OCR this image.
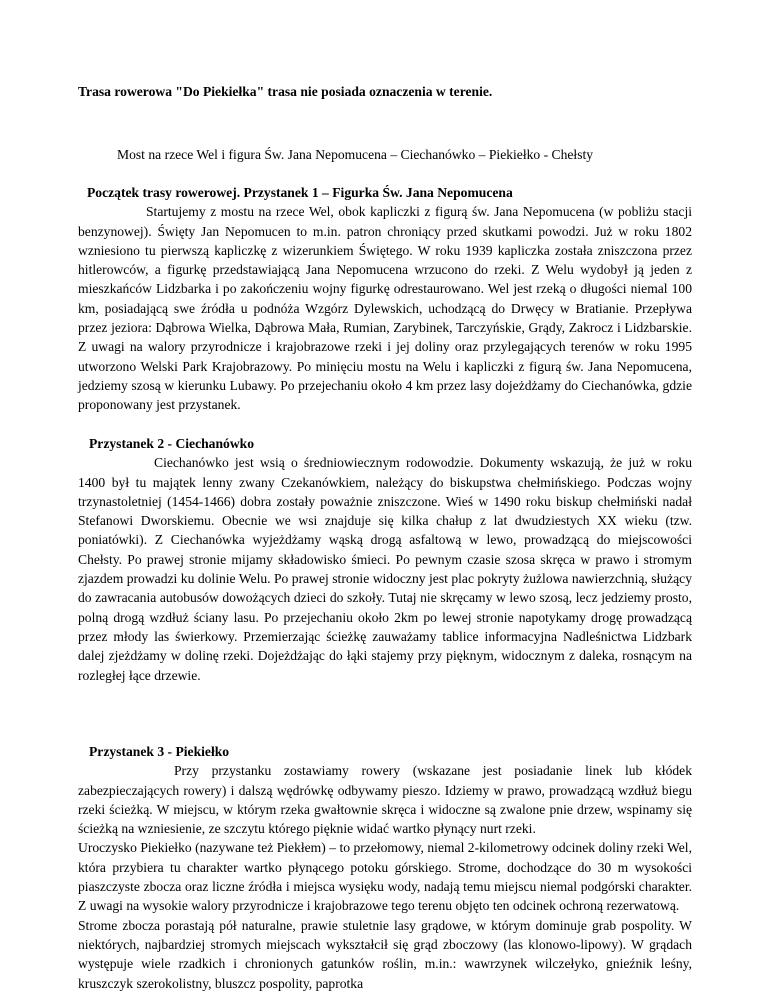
Trasa rowerowa "Do Piekiełka" trasa nie posiada oznaczenia w terenie.
Most na rzece Wel i figura Św. Jana Nepomucena – Ciechanówko – Piekiełko - Chełsty
Początek trasy rowerowej. Przystanek 1 – Figurka Św. Jana Nepomucena

Startujemy z mostu na rzece Wel, obok kapliczki z figurą św. Jana Nepomucena (w pobliżu stacji benzynowej). Święty Jan Nepomucen to m.in. patron chroniący przed skutkami powodzi. Już w roku 1802 wzniesiono tu pierwszą kapliczkę z wizerunkiem Świętego. W roku 1939 kapliczka została zniszczona przez hitlerowców, a figurkę przedstawiającą Jana Nepomucena wrzucono do rzeki. Z Welu wydobył ją jeden z mieszkańców Lidzbarka i po zakończeniu wojny figurkę odrestaurowano. Wel jest rzeką o długości niemal 100 km, posiadającą swe źródła u podnóża Wzgórz Dylewskich, uchodzącą do Drwęcy w Bratianie. Przepływa przez jeziora: Dąbrowa Wielka, Dąbrowa Mała, Rumian, Zarybinek, Tarczyńskie, Grądy, Zakrocz i Lidzbarskie. Z uwagi na walory przyrodnicze i krajobrazowe rzeki i jej doliny oraz przylegających terenów w roku 1995 utworzono Welski Park Krajobrazowy. Po minięciu mostu na Welu i kapliczki z figurą św. Jana Nepomucena, jedziemy szosą w kierunku Lubawy. Po przejechaniu około 4 km przez lasy dojeżdżamy do Ciechanówka, gdzie proponowany jest przystanek.

Przystanek 2 - Ciechanówko

Ciechanówko jest wsią o średniowiecznym rodowodzie. Dokumenty wskazują, że już w roku 1400 był tu majątek lenny zwany Czekanówkiem, należący do biskupstwa chełmińskiego. Podczas wojny trzynastoletniej (1454-1466) dobra zostały poważnie zniszczone. Wieś w 1490 roku biskup chełmiński nadał Stefanowi Dworskiemu. Obecnie we wsi znajduje się kilka chałup z lat dwudziestych XX wieku (tzw. poniatówki). Z Ciechanówka wyjeżdżamy wąską drogą asfaltową w lewo, prowadzącą do miejscowości Chełsty. Po prawej stronie mijamy składowisko śmieci. Po pewnym czasie szosa skręca w prawo i stromym zjazdem prowadzi ku dolinie Welu. Po prawej stronie widoczny jest plac pokryty żużlowa nawierzchnią, służący do zawracania autobusów dowożących dzieci do szkoły. Tutaj nie skręcamy w lewo szosą, lecz jedziemy prosto, polną drogą wzdłuż ściany lasu. Po przejechaniu około 2km po lewej stronie napotykamy drogę prowadzącą przez młody las świerkowy. Przemierzając ścieżkę zauważamy tablice informacyjna Nadleśnictwa Lidzbark dalej zjeżdżamy w dolinę rzeki. Dojeżdżając do łąki stajemy przy pięknym, widocznym z daleka, rosnącym na rozległej łące drzewie.

Przystanek 3 - Piekiełko

Przy przystanku zostawiamy rowery (wskazane jest posiadanie linek lub kłódek zabezpieczających rowery) i dalszą wędrówkę odbywamy pieszo. Idziemy w prawo, prowadzącą wzdłuż biegu rzeki ścieżką. W miejscu, w którym rzeka gwałtownie skręca i widoczne są zwalone pnie drzew, wspinamy się ścieżką na wzniesienie, ze szczytu którego pięknie widać wartko płynący nurt rzeki.

Uroczysko Piekiełko (nazywane też Piekłem) – to przełomowy, niemal 2-kilometrowy odcinek doliny rzeki Wel, która przybiera tu charakter wartko płynącego potoku górskiego. Strome, dochodzące do 30 m wysokości piaszczyste zbocza oraz liczne źródła i miejsca wysięku wody, nadają temu miejscu niemal podgórski charakter. Z uwagi na wysokie walory przyrodnicze i krajobrazowe tego terenu objęto ten odcinek ochroną rezerwatową.

Strome zbocza porastają pół naturalne, prawie stuletnie lasy grądowe, w którym dominuje grab pospolity. W niektórych, najbardziej stromych miejscach wykształcił się grąd zboczowy (las klonowo-lipowy). W grądach występuje wiele rzadkich i chronionych gatunków roślin, m.in.: wawrzynek wilczełyko, gnieźnik leśny, kruszczyk szerokolistny, bluszcz pospolity, paprotka
